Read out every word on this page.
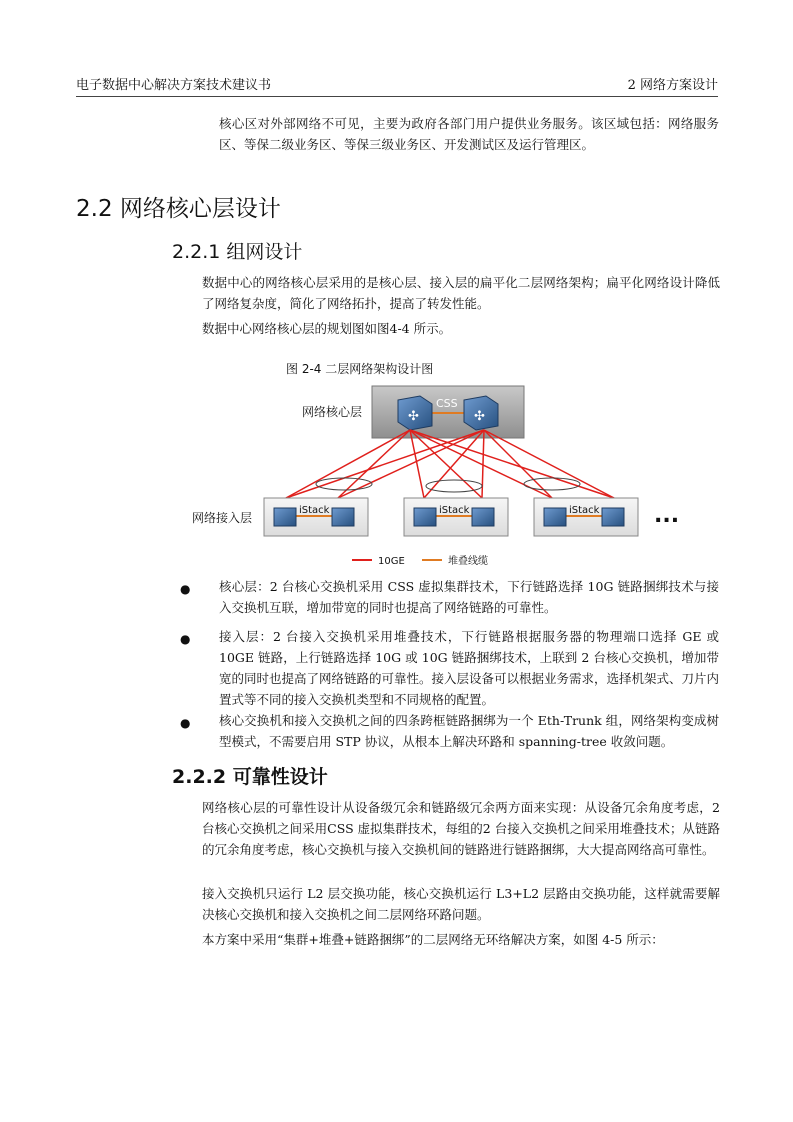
电子数据中心解决方案技术建议书	2 网络方案设计

核心区对外部网络不可见，主要为政府各部门用户提供业务服务。该区域包括：网络服务区、等保二级业务区、等保三级业务区、开发测试区及运行管理区。

2.2 网络核心层设计
2.2.1 组网设计

数据中心的网络核心层采用的是核心层、接入层的扁平化二层网络架构；扁平化网络设计降低了网络复杂度，简化了网络拓扑，提高了转发性能。

数据中心网络核心层的规划图如图4-4 所示。

图 2-4 二层网络架构设计图
网络核心层
CSS
✣	✣
网络接入层
iStack	iStack	iStack ...
10GE	堆叠线缆
● 核心层：2 台核心交换机采用 CSS 虚拟集群技术，下行链路选择 10G 链路捆绑技术与接入交换机互联，增加带宽的同时也提高了网络链路的可靠性。

● 接入层：2 台接入交换机采用堆叠技术，下行链路根据服务器的物理端口选择 GE 或 10GE 链路，上行链路选择 10G 或 10G 链路捆绑技术，上联到 2 台核心交换机，增加带宽的同时也提高了网络链路的可靠性。接入层设备可以根据业务需求，选择机架式、刀片内置式等不同的接入交换机类型和不同规格的配置。

● 核心交换机和接入交换机之间的四条跨框链路捆绑为一个 Eth-Trunk 组，网络架构变成树型模式，不需要启用 STP 协议，从根本上解决环路和 spanning-tree 收敛问题。

2.2.2 可靠性设计

网络核心层的可靠性设计从设备级冗余和链路级冗余两方面来实现：从设备冗余角度考虑，2 台核心交换机之间采用CSS 虚拟集群技术，每组的2 台接入交换机之间采用堆叠技术；从链路的冗余角度考虑，核心交换机与接入交换机间的链路进行链路捆绑，大大提高网络高可靠性。

接入交换机只运行 L2 层交换功能，核心交换机运行 L3+L2 层路由交换功能，这样就需要解决核心交换机和接入交换机之间二层网络环路问题。

本方案中采用“集群+堆叠+链路捆绑”的二层网络无环络解决方案，如图 4-5 所示：
